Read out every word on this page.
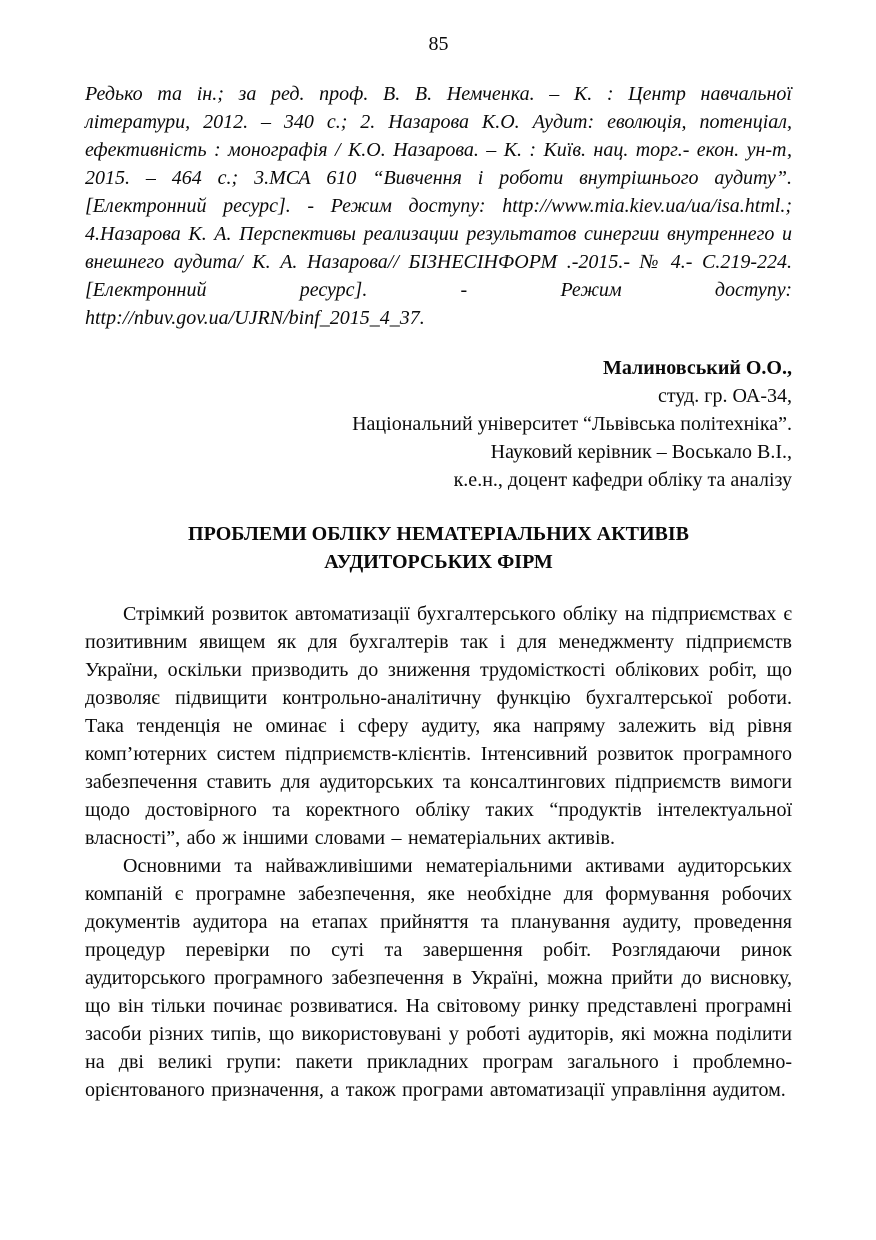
85

Редько та ін.; за ред. проф. В. В. Немченка. – К. : Центр навчальної літератури, 2012. – 340 с.; 2. Назарова К.О. Аудит: еволюція, потенціал, ефективність : монографія / К.О. Назарова. – К. : Київ. нац. торг.- екон. ун-т, 2015. – 464 с.; 3.МСА 610 “Вивчення і роботи внутрішнього аудиту”. [Електронний ресурс]. - Режим доступу: http://www.mia.kiev.ua/ua/isa.html.; 4.Назарова К. А. Перспективы реализации результатов синергии внутреннего и внешнего аудита/ К. А. Назарова// БІЗНЕСІНФОРМ .-2015.- № 4.- С.219-224. [Електронний ресурс]. - Режим доступу: http://nbuv.gov.ua/UJRN/binf_2015_4_37.

Малиновський О.О.,
студ. гр. ОА-34,
Національний університет “Львівська політехніка”.
Науковий керівник – Воськало В.І.,
к.е.н., доцент кафедри обліку та аналізу
ПРОБЛЕМИ ОБЛІКУ НЕМАТЕРІАЛЬНИХ АКТИВІВ
АУДИТОРСЬКИХ ФІРМ

Стрімкий розвиток автоматизації бухгалтерського обліку на підприємствах є позитивним явищем як для бухгалтерів так і для менеджменту підприємств України, оскільки призводить до зниження трудомісткості облікових робіт, що дозволяє підвищити контрольно-аналітичну функцію бухгалтерської роботи. Така тенденція не оминає і сферу аудиту, яка напряму залежить від рівня комп’ютерних систем підприємств-клієнтів. Інтенсивний розвиток програмного забезпечення ставить для аудиторських та консалтингових підприємств вимоги щодо достовірного та коректного обліку таких “продуктів інтелектуальної власності”, або ж іншими словами – нематеріальних активів.

Основними та найважливішими нематеріальними активами аудиторських компаній є програмне забезпечення, яке необхідне для формування робочих документів аудитора на етапах прийняття та планування аудиту, проведення процедур перевірки по суті та завершення робіт. Розглядаючи ринок аудиторського програмного забезпечення в Україні, можна прийти до висновку, що він тільки починає розвиватися. На світовому ринку представлені програмні засоби різних типів, що використовувані у роботі аудиторів, які можна поділити на дві великі групи: пакети прикладних програм загального і проблемно-орієнтованого призначення, а також програми автоматизації управління аудитом.
